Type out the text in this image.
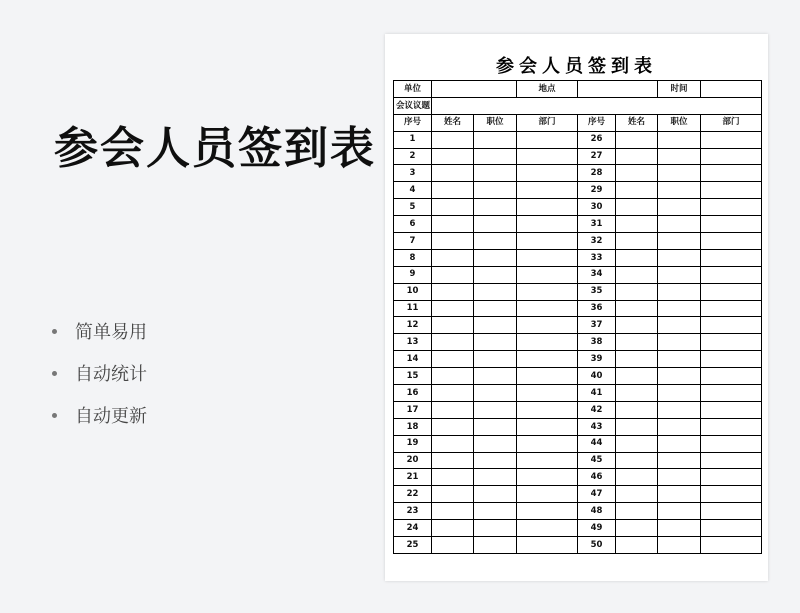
参会人员签到表
简单易用
自动统计
自动更新
参会人员签到表
单位			地点			时间	
会议议题							
序号	姓名	职位	部门	序号	姓名	职位	部门
1				26			
2				27			
3				28			
4				29			
5				30			
6				31			
7				32			
8				33			
9				34			
10				35			
11				36			
12				37			
13				38			
14				39			
15				40			
16				41			
17				42			
18				43			
19				44			
20				45			
21				46			
22				47			
23				48			
24				49			
25				50			
